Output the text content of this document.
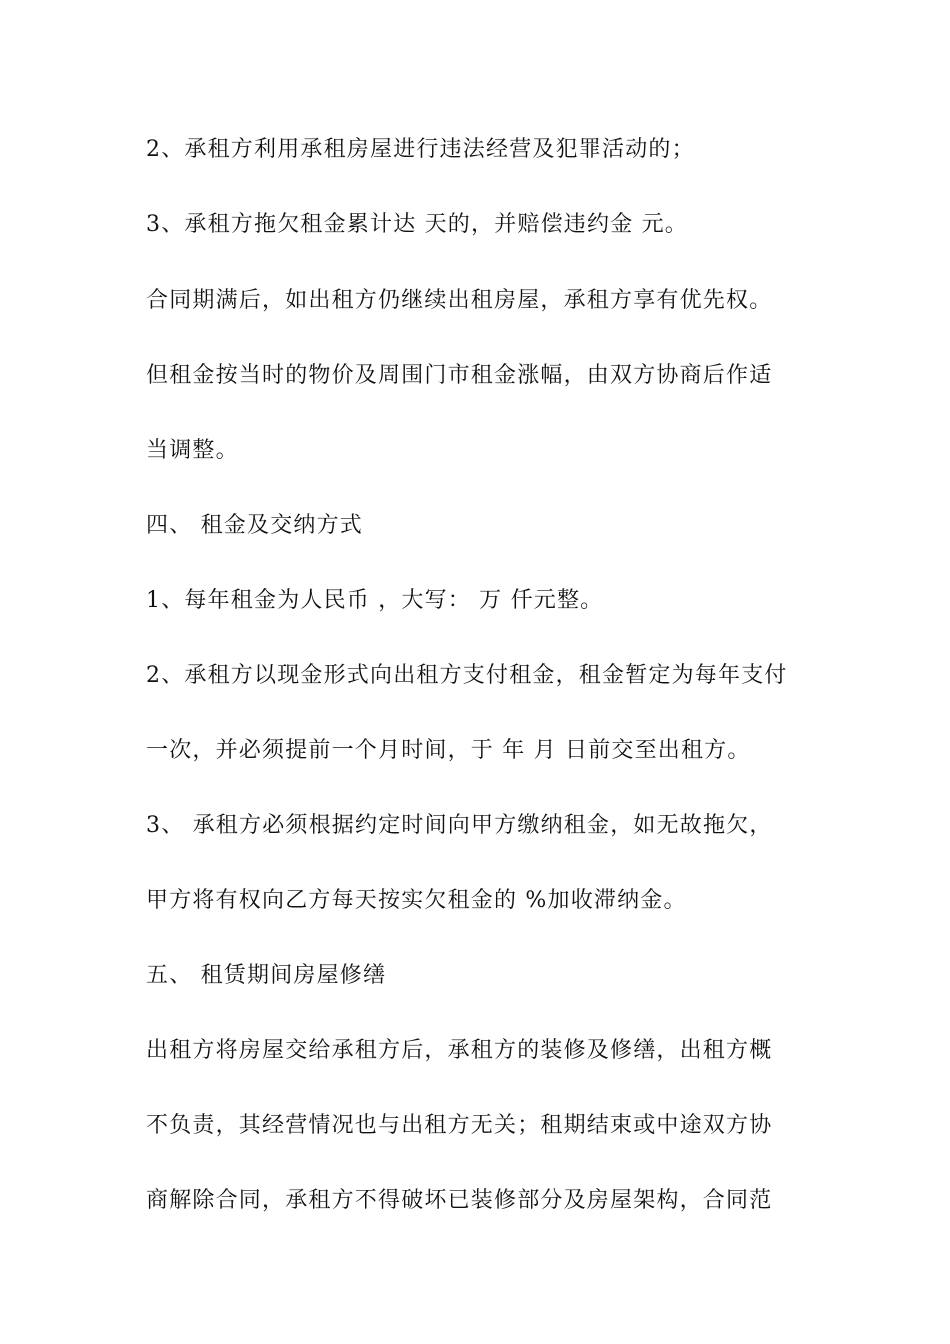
2、承租方利用承租房屋进行违法经营及犯罪活动的；
3、承租方拖欠租金累计达 天的，并赔偿违约金 元。
合同期满后，如出租方仍继续出租房屋，承租方享有优先权。
但租金按当时的物价及周围门市租金涨幅，由双方协商后作适
当调整。
四、 租金及交纳方式
1、每年租金为人民币 ，大写： 万 仟元整。
2、承租方以现金形式向出租方支付租金，租金暂定为每年支付
一次，并必须提前一个月时间，于 年 月 日前交至出租方。
3、 承租方必须根据约定时间向甲方缴纳租金，如无故拖欠，
甲方将有权向乙方每天按实欠租金的 %加收滞纳金。
五、 租赁期间房屋修缮
出租方将房屋交给承租方后，承租方的装修及修缮，出租方概
不负责，其经营情况也与出租方无关；租期结束或中途双方协
商解除合同，承租方不得破坏已装修部分及房屋架构，合同范
